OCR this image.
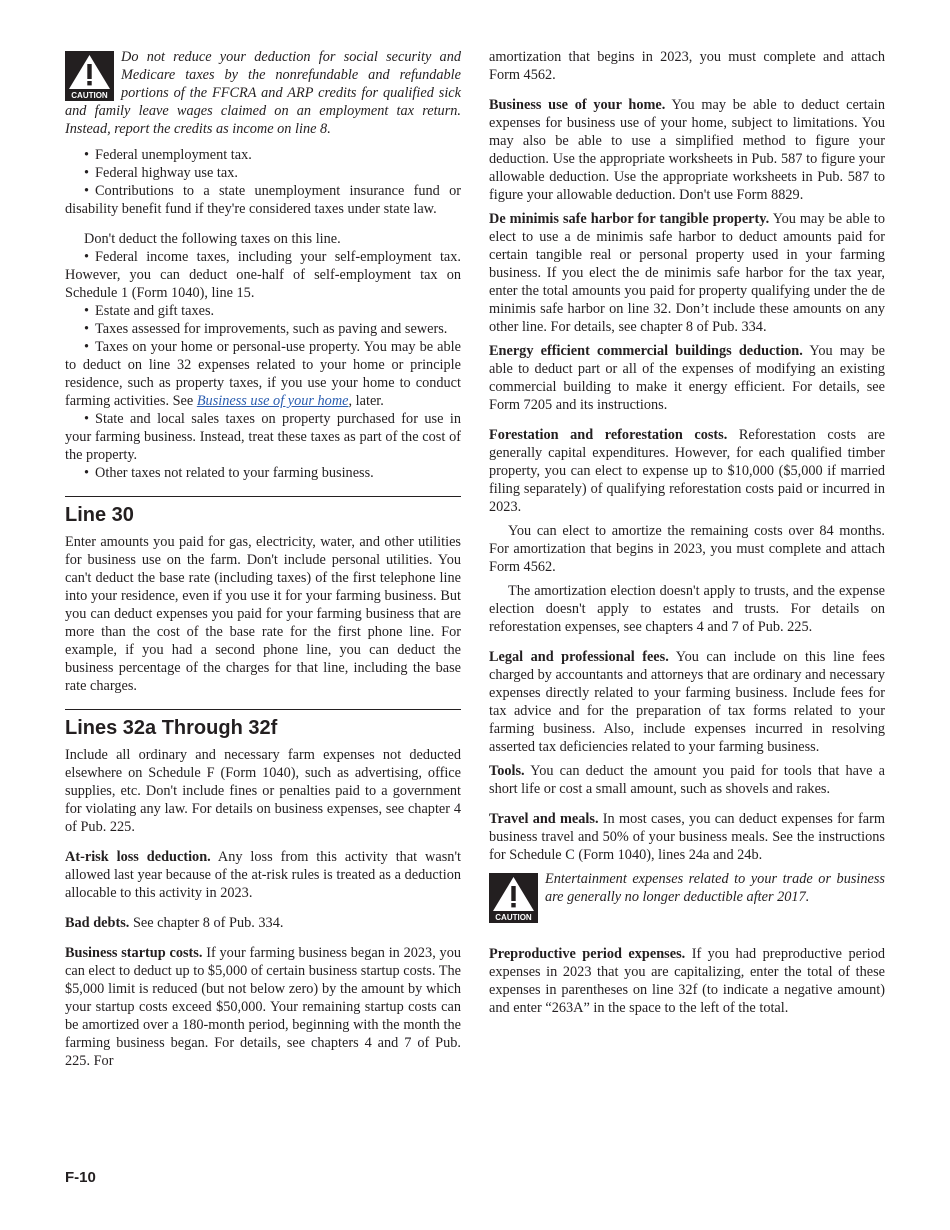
CAUTION

Do not reduce your deduction for social security and Medicare taxes by the nonrefundable and refundable portions of the FFCRA and ARP credits for qualified sick and family leave wages claimed on an employment tax return. Instead, report the credits as income on line 8.

• Federal unemployment tax.
• Federal highway use tax.
• Contributions to a state unemployment insurance fund or disability benefit fund if they're considered taxes under state law.

Don't deduct the following taxes on this line.

• Federal income taxes, including your self-employment tax. However, you can deduct one-half of self-employment tax on Schedule 1 (Form 1040), line 15.
• Estate and gift taxes.
• Taxes assessed for improvements, such as paving and sewers.
• Taxes on your home or personal-use property. You may be able to deduct on line 32 expenses related to your home or principle residence, such as property taxes, if you use your home to conduct farming activities. See Business use of your home, later.
• State and local sales taxes on property purchased for use in your farming business. Instead, treat these taxes as part of the cost of the property.
• Other taxes not related to your farming business.
Line 30

Enter amounts you paid for gas, electricity, water, and other utilities for business use on the farm. Don't include personal utilities. You can't deduct the base rate (including taxes) of the first telephone line into your residence, even if you use it for your farming business. But you can deduct expenses you paid for your farming business that are more than the cost of the base rate for the first phone line. For example, if you had a second phone line, you can deduct the business percentage of the charges for that line, including the base rate charges.

Lines 32a Through 32f

Include all ordinary and necessary farm expenses not deducted elsewhere on Schedule F (Form 1040), such as advertising, office supplies, etc. Don't include fines or penalties paid to a government for violating any law. For details on business expenses, see chapter 4 of Pub. 225.

At-risk loss deduction. Any loss from this activity that wasn't allowed last year because of the at-risk rules is treated as a deduction allocable to this activity in 2023.

Bad debts. See chapter 8 of Pub. 334.

Business startup costs. If your farming business began in 2023, you can elect to deduct up to $5,000 of certain business startup costs. The $5,000 limit is reduced (but not below zero) by the amount by which your startup costs exceed $50,000. Your remaining startup costs can be amortized over a 180-month period, beginning with the month the farming business began. For details, see chapters 4 and 7 of Pub. 225. For

amortization that begins in 2023, you must complete and attach Form 4562.

Business use of your home. You may be able to deduct certain expenses for business use of your home, subject to limitations. You may also be able to use a simplified method to figure your deduction. Use the appropriate worksheets in Pub. 587 to figure your allowable deduction. Use the appropriate worksheets in Pub. 587 to figure your allowable deduction. Don't use Form 8829.

De minimis safe harbor for tangible property. You may be able to elect to use a de minimis safe harbor to deduct amounts paid for certain tangible real or personal property used in your farming business. If you elect the de minimis safe harbor for the tax year, enter the total amounts you paid for property qualifying under the de minimis safe harbor on line 32. Don’t include these amounts on any other line. For details, see chapter 8 of Pub. 334.

Energy efficient commercial buildings deduction. You may be able to deduct part or all of the expenses of modifying an existing commercial building to make it energy efficient. For details, see Form 7205 and its instructions.

Forestation and reforestation costs. Reforestation costs are generally capital expenditures. However, for each qualified timber property, you can elect to expense up to $10,000 ($5,000 if married filing separately) of qualifying reforestation costs paid or incurred in 2023.

You can elect to amortize the remaining costs over 84 months. For amortization that begins in 2023, you must complete and attach Form 4562.

The amortization election doesn't apply to trusts, and the expense election doesn't apply to estates and trusts. For details on reforestation expenses, see chapters 4 and 7 of Pub. 225.

Legal and professional fees. You can include on this line fees charged by accountants and attorneys that are ordinary and necessary expenses directly related to your farming business. Include fees for tax advice and for the preparation of tax forms related to your farming business. Also, include expenses incurred in resolving asserted tax deficiencies related to your farming business.

Tools. You can deduct the amount you paid for tools that have a short life or cost a small amount, such as shovels and rakes.

Travel and meals. In most cases, you can deduct expenses for farm business travel and 50% of your business meals. See the instructions for Schedule C (Form 1040), lines 24a and 24b.

CAUTION

Entertainment expenses related to your trade or business are generally no longer deductible after 2017.

Preproductive period expenses. If you had preproductive period expenses in 2023 that you are capitalizing, enter the total of these expenses in parentheses on line 32f (to indicate a negative amount) and enter “263A” in the space to the left of the total.

F-10
